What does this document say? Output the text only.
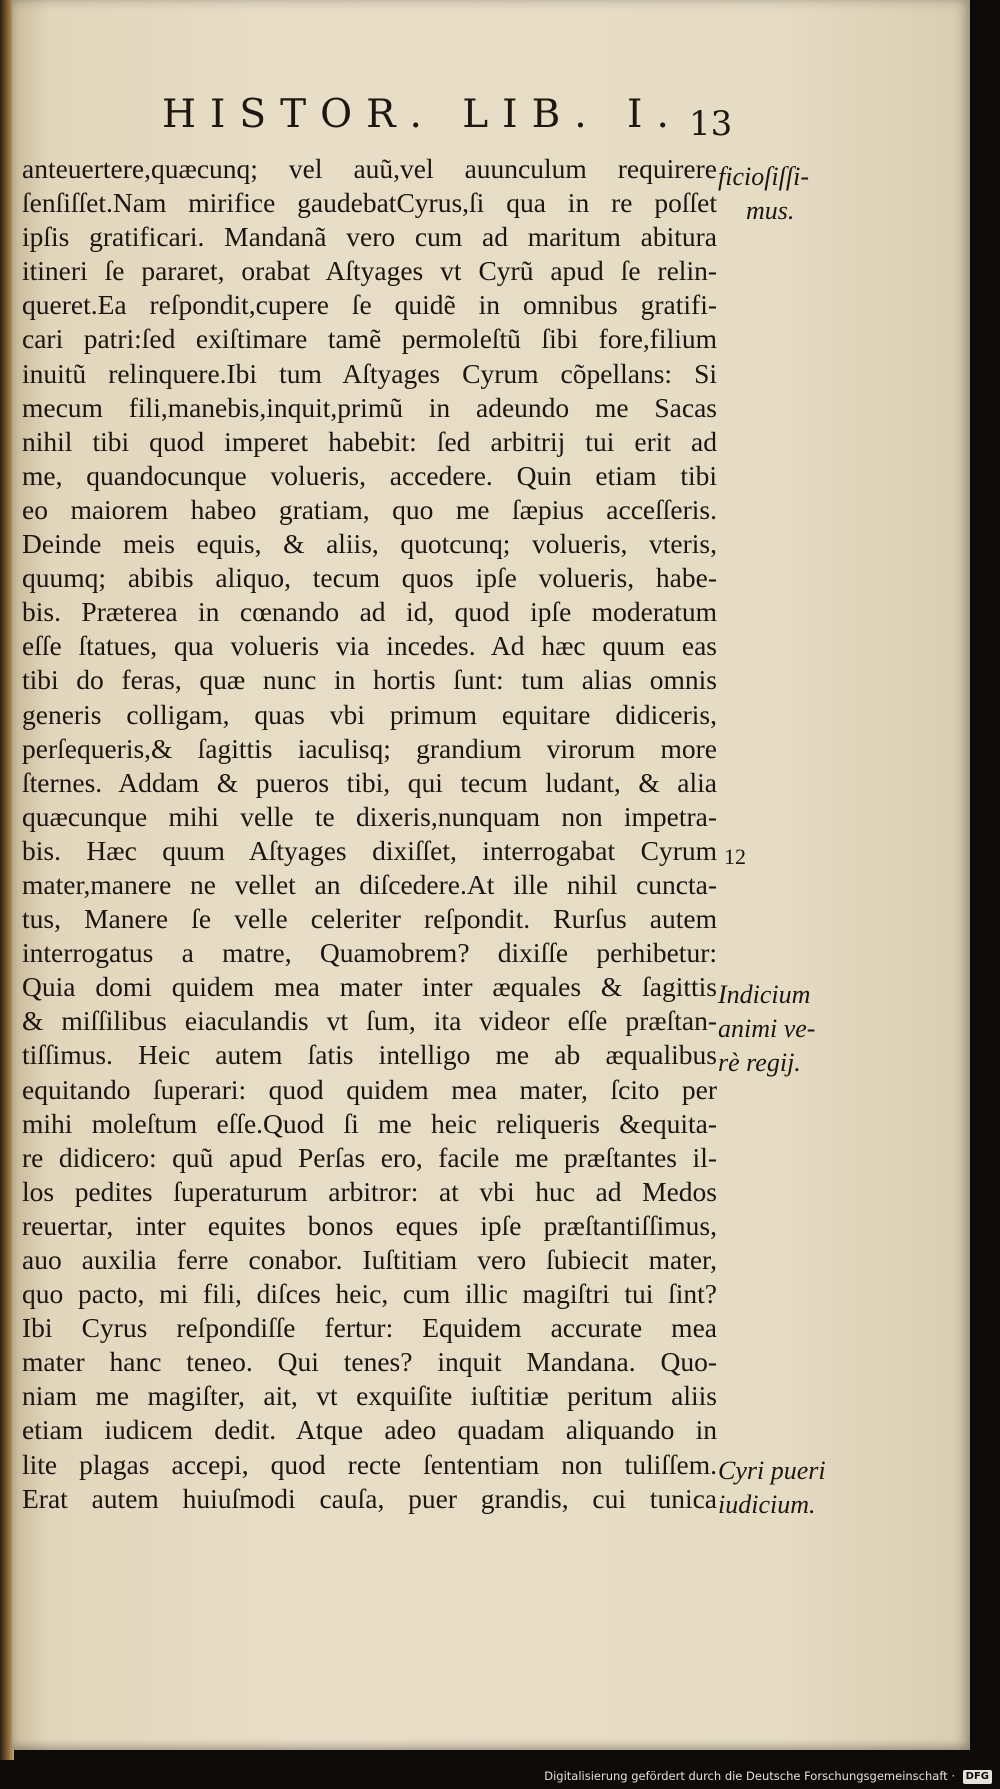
HISTOR. LIB. I. 13
anteuertere,quæcunq; vel auũ,vel auunculum requirere
ſenſiſſet.Nam mirifice gaudebatCyrus,ſi qua in re poſſet
ipſis gratificari. Mandanã vero cum ad maritum abitura
itineri ſe pararet, orabat Aſtyages vt Cyrũ apud ſe relin-
queret.Ea reſpondit,cupere ſe quidẽ in omnibus gratifi-
cari patri:ſed exiſtimare tamẽ permoleſtũ ſibi fore,filium
inuitũ relinquere.Ibi tum Aſtyages Cyrum cõpellans: Si
mecum fili,manebis,inquit,primũ in adeundo me Sacas
nihil tibi quod imperet habebit: ſed arbitrij tui erit ad
me, quandocunque volueris, accedere. Quin etiam tibi
eo maiorem habeo gratiam, quo me ſæpius acceſſeris.
Deinde meis equis, & aliis, quotcunq; volueris, vteris,
quumq; abibis aliquo, tecum quos ipſe volueris, habe-
bis. Præterea in cœnando ad id, quod ipſe moderatum
eſſe ſtatues, qua volueris via incedes. Ad hæc quum eas
tibi do feras, quæ nunc in hortis ſunt: tum alias omnis
generis colligam, quas vbi primum equitare didiceris,
perſequeris,& ſagittis iaculisq; grandium virorum more
ſternes. Addam & pueros tibi, qui tecum ludant, & alia
quæcunque mihi velle te dixeris,nunquam non impetra-
bis. Hæc quum Aſtyages dixiſſet, interrogabat Cyrum
mater,manere ne vellet an diſcedere.At ille nihil cuncta-
tus, Manere ſe velle celeriter reſpondit. Rurſus autem
interrogatus a matre, Quamobrem? dixiſſe perhibetur:
Quia domi quidem mea mater inter æquales & ſagittis
& miſſilibus eiaculandis vt ſum, ita videor eſſe præſtan-
tiſſimus. Heic autem ſatis intelligo me ab æqualibus
equitando ſuperari: quod quidem mea mater, ſcito per
mihi moleſtum eſſe.Quod ſi me heic reliqueris &equita-
re didicero: quũ apud Perſas ero, facile me præſtantes il-
los pedites ſuperaturum arbitror: at vbi huc ad Medos
reuertar, inter equites bonos eques ipſe præſtantiſſimus,
auo auxilia ferre conabor. Iuſtitiam vero ſubiecit mater,
quo pacto, mi fili, diſces heic, cum illic magiſtri tui ſint?
Ibi Cyrus reſpondiſſe fertur: Equidem accurate mea
mater hanc teneo. Qui tenes? inquit Mandana. Quo-
niam me magiſter, ait, vt exquiſite iuſtitiæ peritum aliis
etiam iudicem dedit. Atque adeo quadam aliquando in
lite plagas accepi, quod recte ſententiam non tuliſſem.
Erat autem huiuſmodi cauſa, puer grandis, cui tunica
ficioſiſſi-
mus.
12
Indicium
animi ve-
rè regij.
Cyri pueri
iudicium.
Digitalisierung gefördert durch die Deutsche Forschungsgemeinschaft · DFG
